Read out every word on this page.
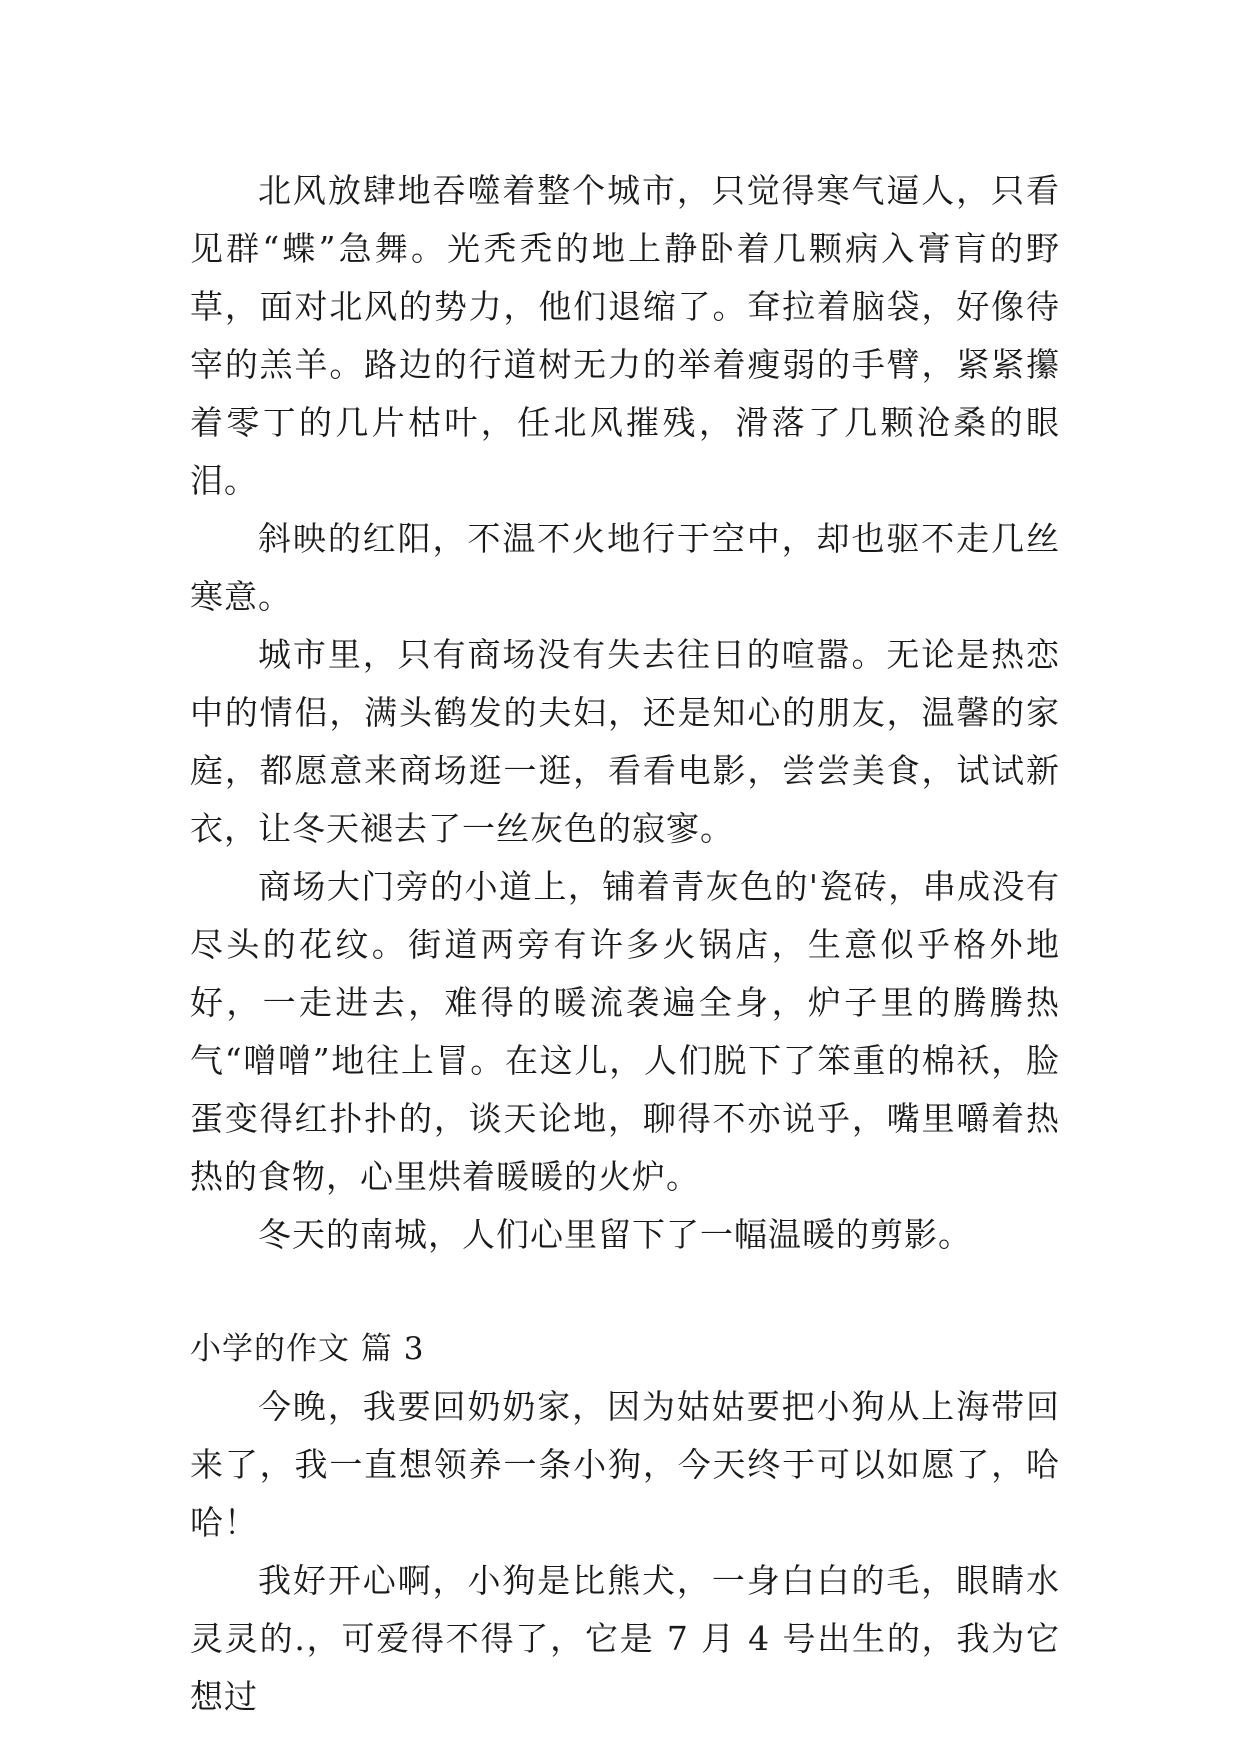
北风放肆地吞噬着整个城市，只觉得寒气逼人，只看见群“蝶”急舞。光秃秃的地上静卧着几颗病入膏肓的野草，面对北风的势力，他们退缩了。耷拉着脑袋，好像待宰的羔羊。路边的行道树无力的举着瘦弱的手臂，紧紧攥着零丁的几片枯叶，任北风摧残，滑落了几颗沧桑的眼泪。

斜映的红阳，不温不火地行于空中，却也驱不走几丝寒意。

城市里，只有商场没有失去往日的喧嚣。无论是热恋中的情侣，满头鹤发的夫妇，还是知心的朋友，温馨的家庭，都愿意来商场逛一逛，看看电影，尝尝美食，试试新衣，让冬天褪去了一丝灰色的寂寥。

商场大门旁的小道上，铺着青灰色的'瓷砖，串成没有尽头的花纹。街道两旁有许多火锅店，生意似乎格外地好，一走进去，难得的暖流袭遍全身，炉子里的腾腾热气“噌噌”地往上冒。在这儿，人们脱下了笨重的棉袄，脸蛋变得红扑扑的，谈天论地，聊得不亦说乎，嘴里嚼着热热的食物，心里烘着暖暖的火炉。

冬天的南城，人们心里留下了一幅温暖的剪影。

小学的作文 篇 3

今晚，我要回奶奶家，因为姑姑要把小狗从上海带回来了，我一直想领养一条小狗，今天终于可以如愿了，哈哈！

我好开心啊，小狗是比熊犬，一身白白的毛，眼睛水灵灵的.，可爱得不得了，它是 7 月 4 号出生的，我为它想过
